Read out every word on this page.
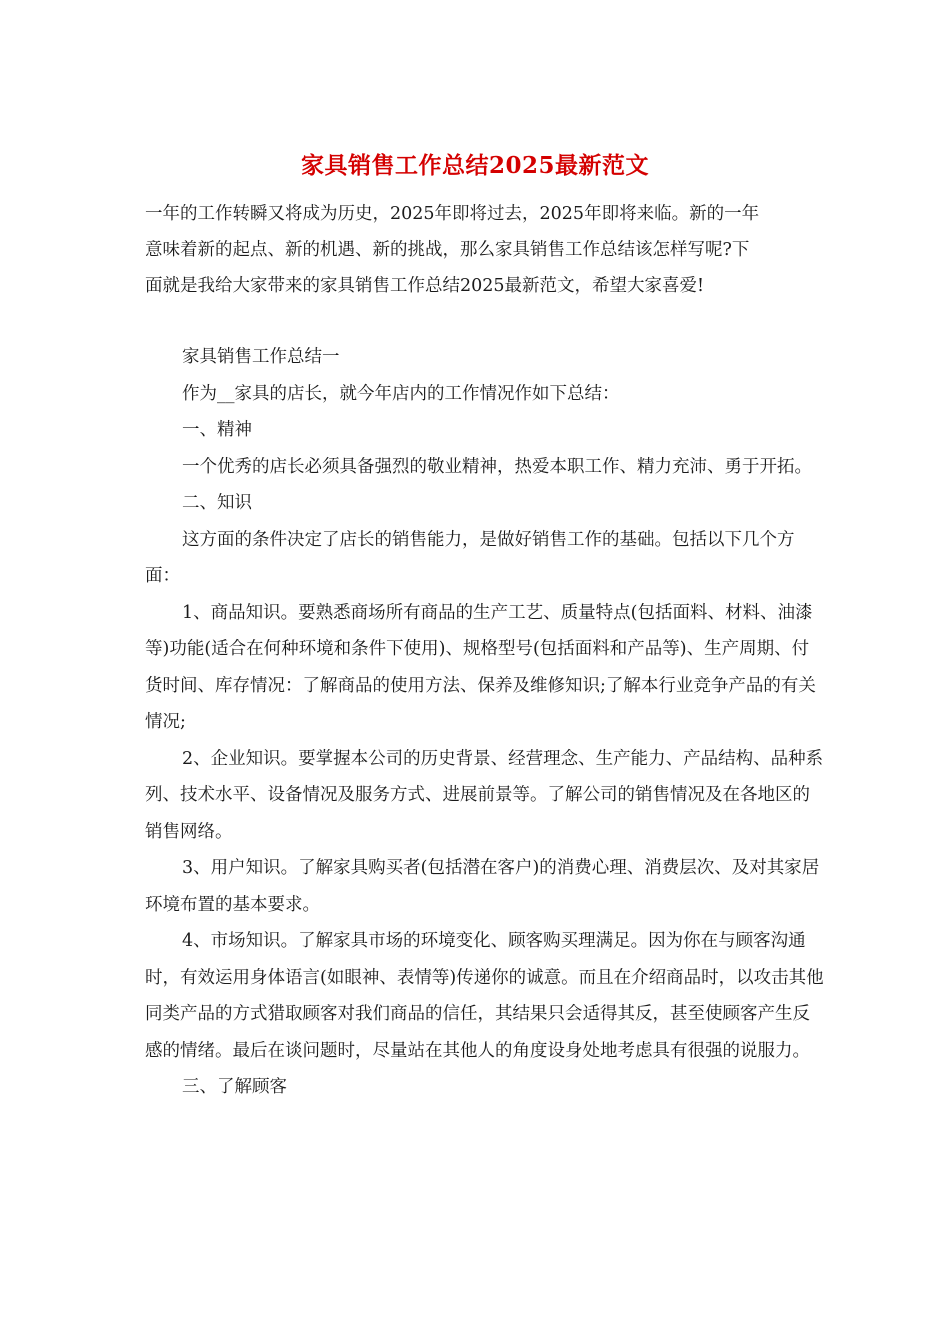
家具销售工作总结2025最新范文

一年的工作转瞬又将成为历史，2025年即将过去，2025年即将来临。新的一年

意味着新的起点、新的机遇、新的挑战，那么家具销售工作总结该怎样写呢?下

面就是我给大家带来的家具销售工作总结2025最新范文，希望大家喜爱!

家具销售工作总结一

作为__家具的店长，就今年店内的工作情况作如下总结：

一、精神

一个优秀的店长必须具备强烈的敬业精神，热爱本职工作、精力充沛、勇于开拓。

二、知识

这方面的条件决定了店长的销售能力，是做好销售工作的基础。包括以下几个方面：

1、商品知识。要熟悉商场所有商品的生产工艺、质量特点(包括面料、材料、油漆等)功能(适合在何种环境和条件下使用)、规格型号(包括面料和产品等)、生产周期、付货时间、库存情况：了解商品的使用方法、保养及维修知识;了解本行业竞争产品的有关情况;

2、企业知识。要掌握本公司的历史背景、经营理念、生产能力、产品结构、品种系列、技术水平、设备情况及服务方式、进展前景等。了解公司的销售情况及在各地区的销售网络。

3、用户知识。了解家具购买者(包括潜在客户)的消费心理、消费层次、及对其家居环境布置的基本要求。

4、市场知识。了解家具市场的环境变化、顾客购买理满足。因为你在与顾客沟通时，有效运用身体语言(如眼神、表情等)传递你的诚意。而且在介绍商品时，以攻击其他同类产品的方式猎取顾客对我们商品的信任，其结果只会适得其反，甚至使顾客产生反感的情绪。最后在谈问题时，尽量站在其他人的角度设身处地考虑具有很强的说服力。

三、了解顾客
